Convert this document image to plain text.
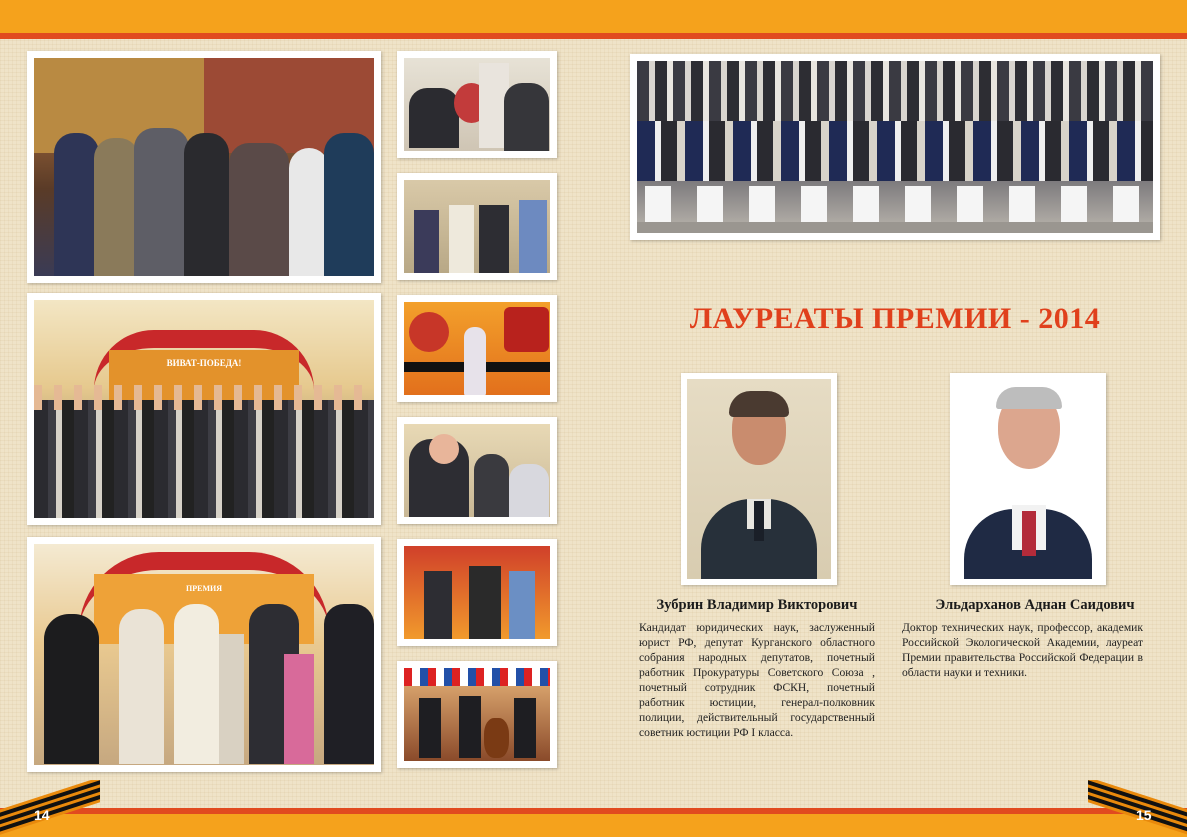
ВИВАТ-ПОБЕДА!
ПРЕМИЯ
ЛАУРЕАТЫ ПРЕМИИ - 2014
Зубрин Владимир Викторович
Кандидат юридических наук, заслуженный юрист РФ, депутат Курганского областного собрания народных депутатов, почетный работник Прокуратуры Советского Союза , почетный сотрудник ФСКН, почетный работник юстиции, генерал-полковник полиции, действительный государственный советник юстиции РФ I класса.
Эльдарханов Аднан Саидович
Доктор технических наук, профессор, академик Российской Экологической Академии, лауреат Премии правительства Российской Федерации в области науки и техники.
14	15
